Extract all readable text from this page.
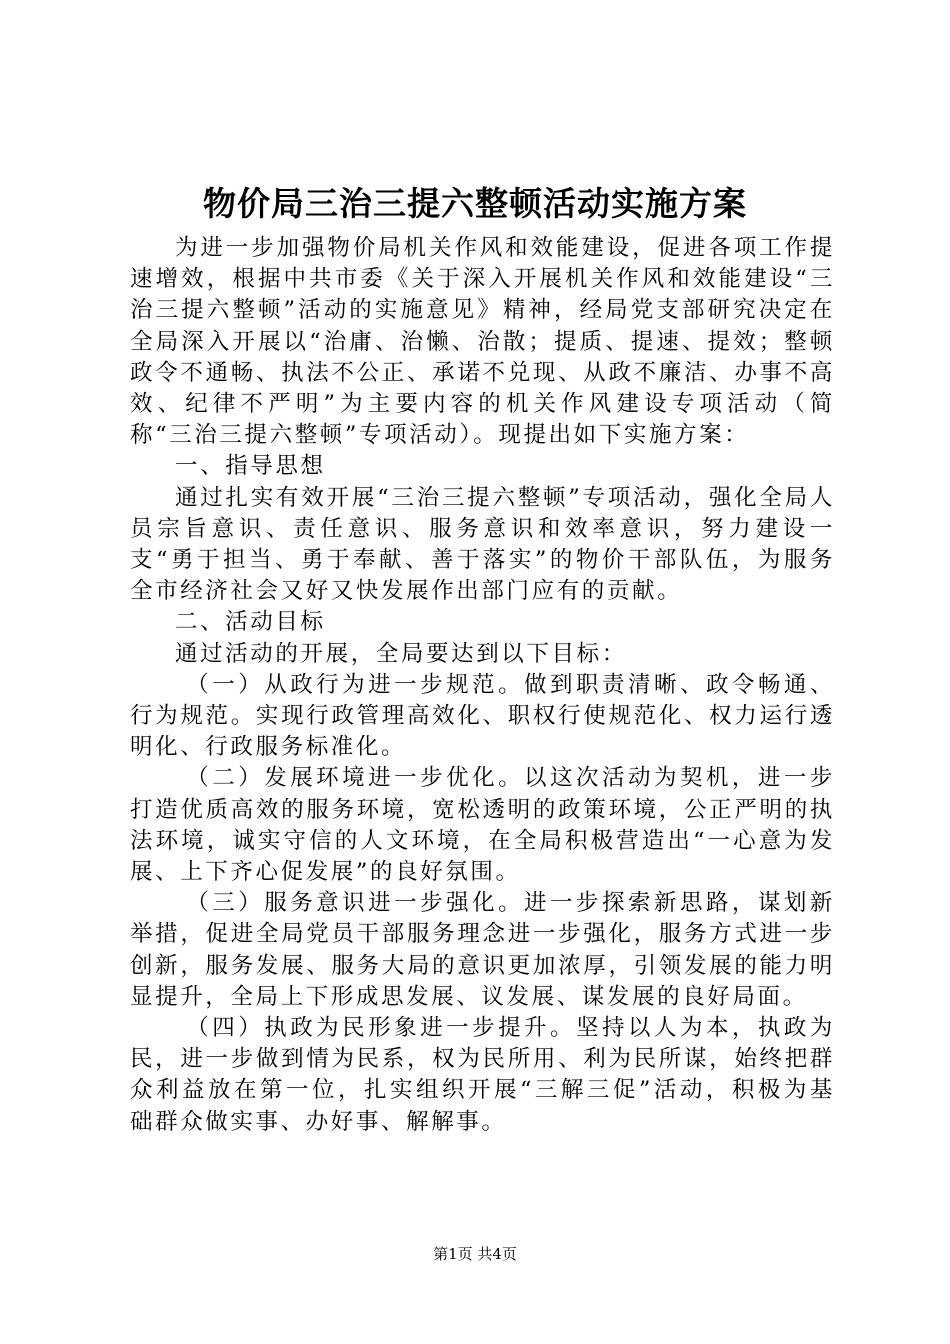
物价局三治三提六整顿活动实施方案

为进一步加强物价局机关作风和效能建设，促进各项工作提速增效，根据中共市委《关于深入开展机关作风和效能建设“三治三提六整顿”活动的实施意见》精神，经局党支部研究决定在全局深入开展以“治庸、治懒、治散；提质、提速、提效；整顿政令不通畅、执法不公正、承诺不兑现、从政不廉洁、办事不高效、纪律不严明”为主要内容的机关作风建设专项活动（简称“三治三提六整顿”专项活动）。现提出如下实施方案：

一、指导思想

通过扎实有效开展“三治三提六整顿”专项活动，强化全局人员宗旨意识、责任意识、服务意识和效率意识，努力建设一支“勇于担当、勇于奉献、善于落实”的物价干部队伍，为服务全市经济社会又好又快发展作出部门应有的贡献。

二、活动目标

通过活动的开展，全局要达到以下目标：

（一）从政行为进一步规范。做到职责清晰、政令畅通、行为规范。实现行政管理高效化、职权行使规范化、权力运行透明化、行政服务标准化。

（二）发展环境进一步优化。以这次活动为契机，进一步打造优质高效的服务环境，宽松透明的政策环境，公正严明的执法环境，诚实守信的人文环境，在全局积极营造出“一心意为发展、上下齐心促发展”的良好氛围。

（三）服务意识进一步强化。进一步探索新思路，谋划新举措，促进全局党员干部服务理念进一步强化，服务方式进一步创新，服务发展、服务大局的意识更加浓厚，引领发展的能力明显提升，全局上下形成思发展、议发展、谋发展的良好局面。

（四）执政为民形象进一步提升。坚持以人为本，执政为民，进一步做到情为民系，权为民所用、利为民所谋，始终把群众利益放在第一位，扎实组织开展“三解三促”活动，积极为基础群众做实事、办好事、解解事。

第1页 共4页
